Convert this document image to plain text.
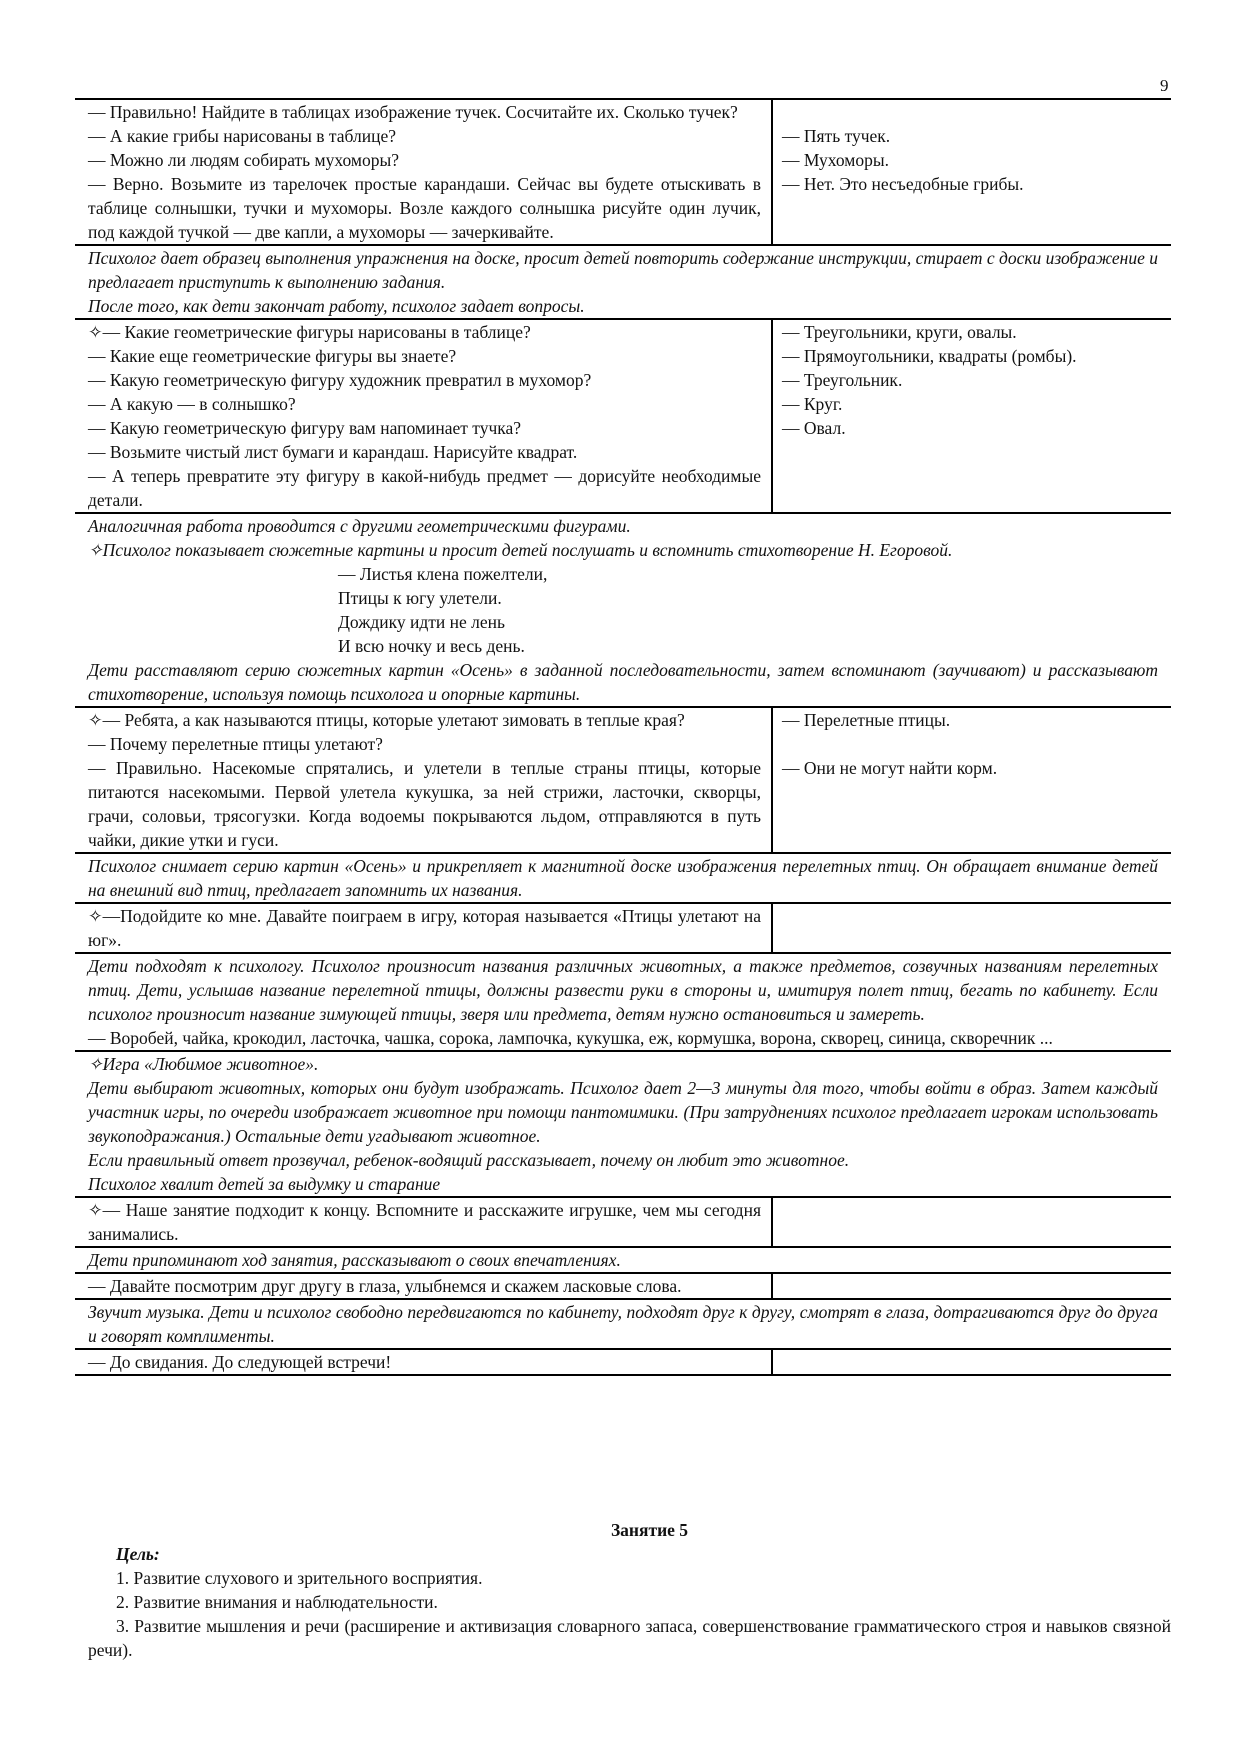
9
— Правильно! Найдите в таблицах изображение тучек. Сосчитайте их. Сколько тучек?
— А какие грибы нарисованы в таблице?
— Можно ли людям собирать мухоморы?
— Верно. Возьмите из тарелочек простые карандаши. Сейчас вы будете отыскивать в таблице солнышки, тучки и мухоморы. Возле каждого солнышка рисуйте один лучик, под каждой тучкой — две капли, а мухоморы — зачеркивайте.
— Пять тучек.
— Мухоморы.
— Нет. Это несъедобные грибы.
Психолог дает образец выполнения упражнения на доске, просит детей повторить содержание инструкции, стирает с доски изображение и предлагает приступить к выполнению задания.
После того, как дети закончат работу, психолог задает вопросы.
✧— Какие геометрические фигуры нарисованы в таблице?
— Какие еще геометрические фигуры вы знаете?
— Какую геометрическую фигуру художник превратил в мухомор?
— А какую — в солнышко?
— Какую геометрическую фигуру вам напоминает тучка?
— Возьмите чистый лист бумаги и карандаш. Нарисуйте квадрат.
— А теперь превратите эту фигуру в какой-нибудь предмет — дорисуйте необходимые детали.
— Треугольники, круги, овалы.
— Прямоугольники, квадраты (ромбы).
— Треугольник.
— Круг.
— Овал.
Аналогичная работа проводится с другими геометрическими фигурами.
✧Психолог показывает сюжетные картины и просит детей послушать и вспомнить стихотворение Н. Егоровой.
— Листья клена пожелтели,
Птицы к югу улетели.
Дождику идти не лень
И всю ночку и весь день.
Дети расставляют серию сюжетных картин «Осень» в заданной последовательности, затем вспоминают (заучивают) и рассказывают стихотворение, используя помощь психолога и опорные картины.
✧— Ребята, а как называются птицы, которые улетают зимовать в теплые края?
— Почему перелетные птицы улетают?
— Правильно. Насекомые спрятались, и улетели в теплые страны птицы, которые питаются насекомыми. Первой улетела кукушка, за ней стрижи, ласточки, скворцы, грачи, соловьи, трясогузки. Когда водоемы покрываются льдом, отправляются в путь чайки, дикие утки и гуси.
— Перелетные птицы.
— Они не могут найти корм.
Психолог снимает серию картин «Осень» и прикрепляет к магнитной доске изображения перелетных птиц. Он обращает внимание детей на внешний вид птиц, предлагает запомнить их названия.
✧—Подойдите ко мне. Давайте поиграем в игру, которая называется «Птицы улетают на юг».
Дети подходят к психологу. Психолог произносит названия различных животных, а также предметов, созвучных названиям перелетных птиц. Дети, услышав название перелетной птицы, должны развести руки в стороны и, имитируя полет птиц, бегать по кабинету. Если психолог произносит название зимующей птицы, зверя или предмета, детям нужно остановиться и замереть.
— Воробей, чайка, крокодил, ласточка, чашка, сорока, лампочка, кукушка, еж, кормушка, ворона, скворец, синица, скворечник ...
✧Игра «Любимое животное».
Дети выбирают животных, которых они будут изображать. Психолог дает 2—3 минуты для того, чтобы войти в образ. Затем каждый участник игры, по очереди изображает животное при помощи пантомимики. (При затруднениях психолог предлагает игрокам использовать звукоподражания.) Остальные дети угадывают животное.
Если правильный ответ прозвучал, ребенок-водящий рассказывает, почему он любит это животное.
Психолог хвалит детей за выдумку и старание
✧— Наше занятие подходит к концу. Вспомните и расскажите игрушке, чем мы сегодня занимались.
Дети припоминают ход занятия, рассказывают о своих впечатлениях.
— Давайте посмотрим друг другу в глаза, улыбнемся и скажем ласковые слова.
Звучит музыка. Дети и психолог свободно передвигаются по кабинету, подходят друг к другу, смотрят в глаза, дотрагиваются друг до друга и говорят комплименты.
— До свидания. До следующей встречи!
Занятие 5
Цель:
1. Развитие слухового и зрительного восприятия.
2. Развитие внимания и наблюдательности.
3. Развитие мышления и речи (расширение и активизация словарного запаса, совершенствование грамматического строя и навыков связной речи).
